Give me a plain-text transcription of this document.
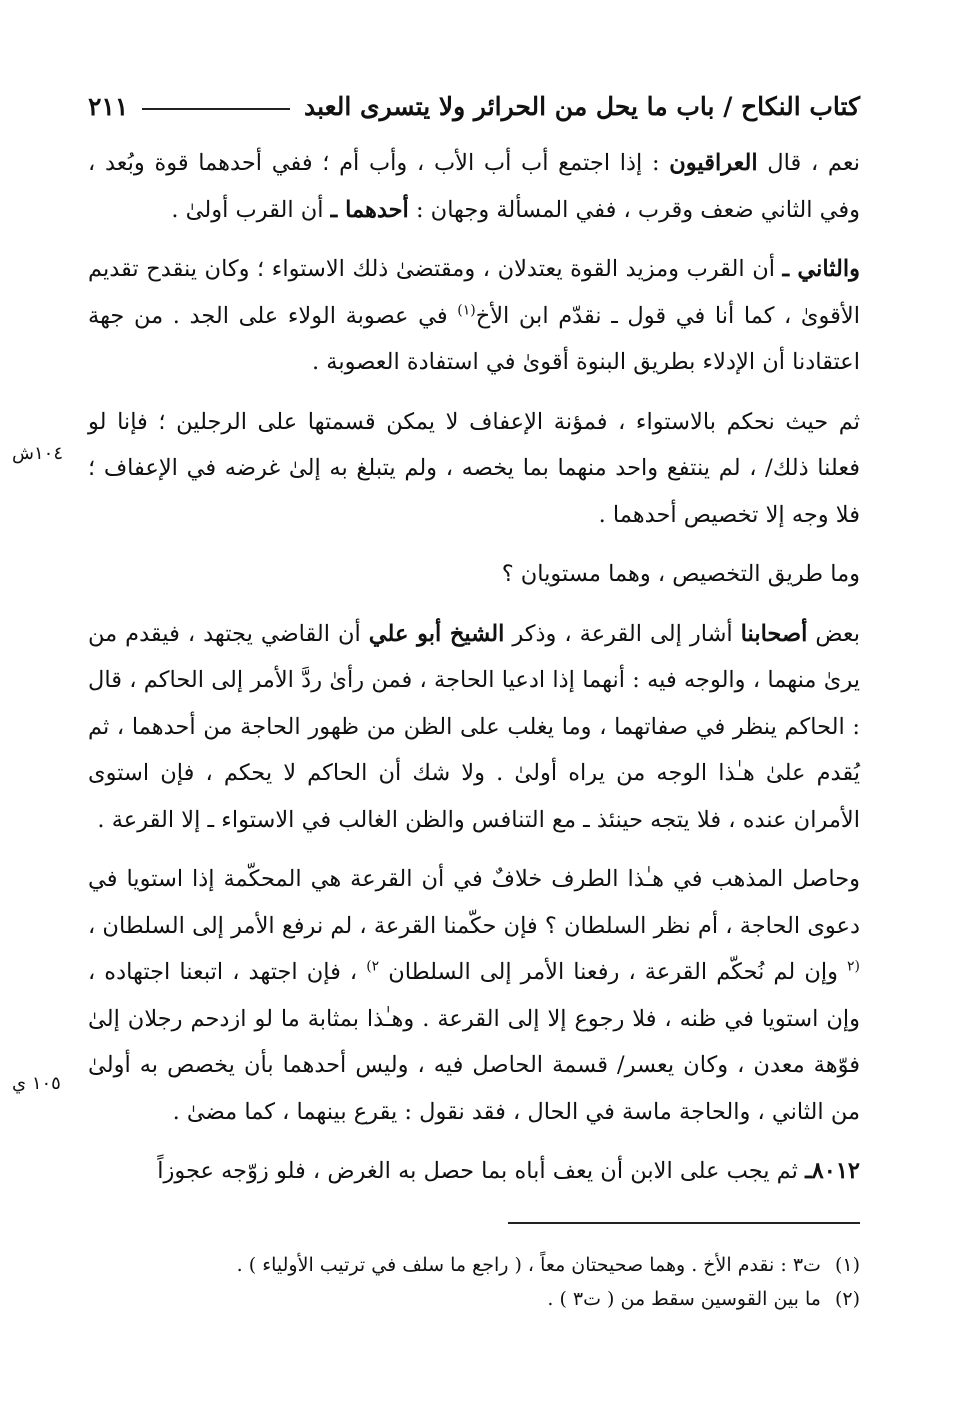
كتاب النكاح / باب ما يحل من الحرائر ولا يتسرى العبد
٢١١

نعم ، قال العراقيون : إذا اجتمع أب أب الأب ، وأب أم ؛ ففي أحدهما قوة وبُعد ، وفي الثاني ضعف وقرب ، ففي المسألة وجهان : أحدهما ـ أن القرب أولىٰ .

والثاني ـ أن القرب ومزيد القوة يعتدلان ، ومقتضىٰ ذلك الاستواء ؛ وكان ينقدح تقديم الأقوىٰ ، كما أنا في قول ـ نقدّم ابن الأخ$^{(١)}$ في عصوبة الولاء على الجد . من جهة اعتقادنا أن الإدلاء بطريق البنوة أقوىٰ في استفادة العصوبة .

ثم حيث نحكم بالاستواء ، فمؤنة الإعفاف لا يمكن قسمتها على الرجلين ؛ فإنا لو فعلنا ذلك/ ، لم ينتفع واحد منهما بما يخصه ، ولم يتبلغ به إلىٰ غرضه في الإعفاف ؛ فلا وجه إلا تخصيص أحدهما .

وما طريق التخصيص ، وهما مستويان ؟

بعض أصحابنا أشار إلى القرعة ، وذكر الشيخ أبو علي أن القاضي يجتهد ، فيقدم من يرىٰ منهما ، والوجه فيه : أنهما إذا ادعيا الحاجة ، فمن رأىٰ ردَّ الأمر إلى الحاكم ، قال : الحاكم ينظر في صفاتهما ، وما يغلب على الظن من ظهور الحاجة من أحدهما ، ثم يُقدم علىٰ هـٰذا الوجه من يراه أولىٰ . ولا شك أن الحاكم لا يحكم ، فإن استوى الأمران عنده ، فلا يتجه حينئذ ـ مع التنافس والظن الغالب في الاستواء ـ إلا القرعة .

وحاصل المذهب في هـٰذا الطرف خلافٌ في أن القرعة هي المحكّمة إذا استويا في دعوى الحاجة ، أم نظر السلطان ؟ فإن حكّمنا القرعة ، لم نرفع الأمر إلى السلطان ، $^{(٢}$ وإن لم نُحكّم القرعة ، رفعنا الأمر إلى السلطان $^{٢)}$ ، فإن اجتهد ، اتبعنا اجتهاده ، وإن استويا في ظنه ، فلا رجوع إلا إلى القرعة . وهـٰذا بمثابة ما لو ازدحم رجلان إلىٰ فوّهة معدن ، وكان يعسر/ قسمة الحاصل فيه ، وليس أحدهما بأن يخصص به أولىٰ من الثاني ، والحاجة ماسة في الحال ، فقد نقول : يقرع بينهما ، كما مضىٰ .

٨٠١٢ـ ثم يجب على الابن أن يعف أباه بما حصل به الغرض ، فلو زوّجه عجوزاً

١٠٤ش
١٠٥ ي
(١)
ت٣ : نقدم الأخ . وهما صحيحتان معاً ، ( راجع ما سلف في ترتيب الأولياء ) .
(٢)
ما بين القوسين سقط من ( ت٣ ) .
